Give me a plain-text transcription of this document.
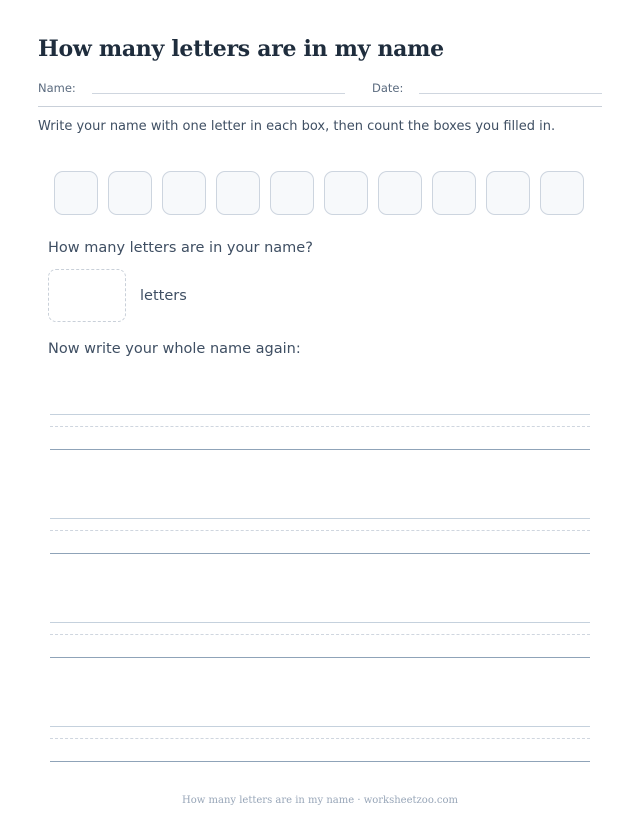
How many letters are in my name
Name:	Date:
Write your name with one letter in each box, then count the boxes you filled in.
How many letters are in your name?
letters
Now write your whole name again:
How many letters are in my name · worksheetzoo.com
